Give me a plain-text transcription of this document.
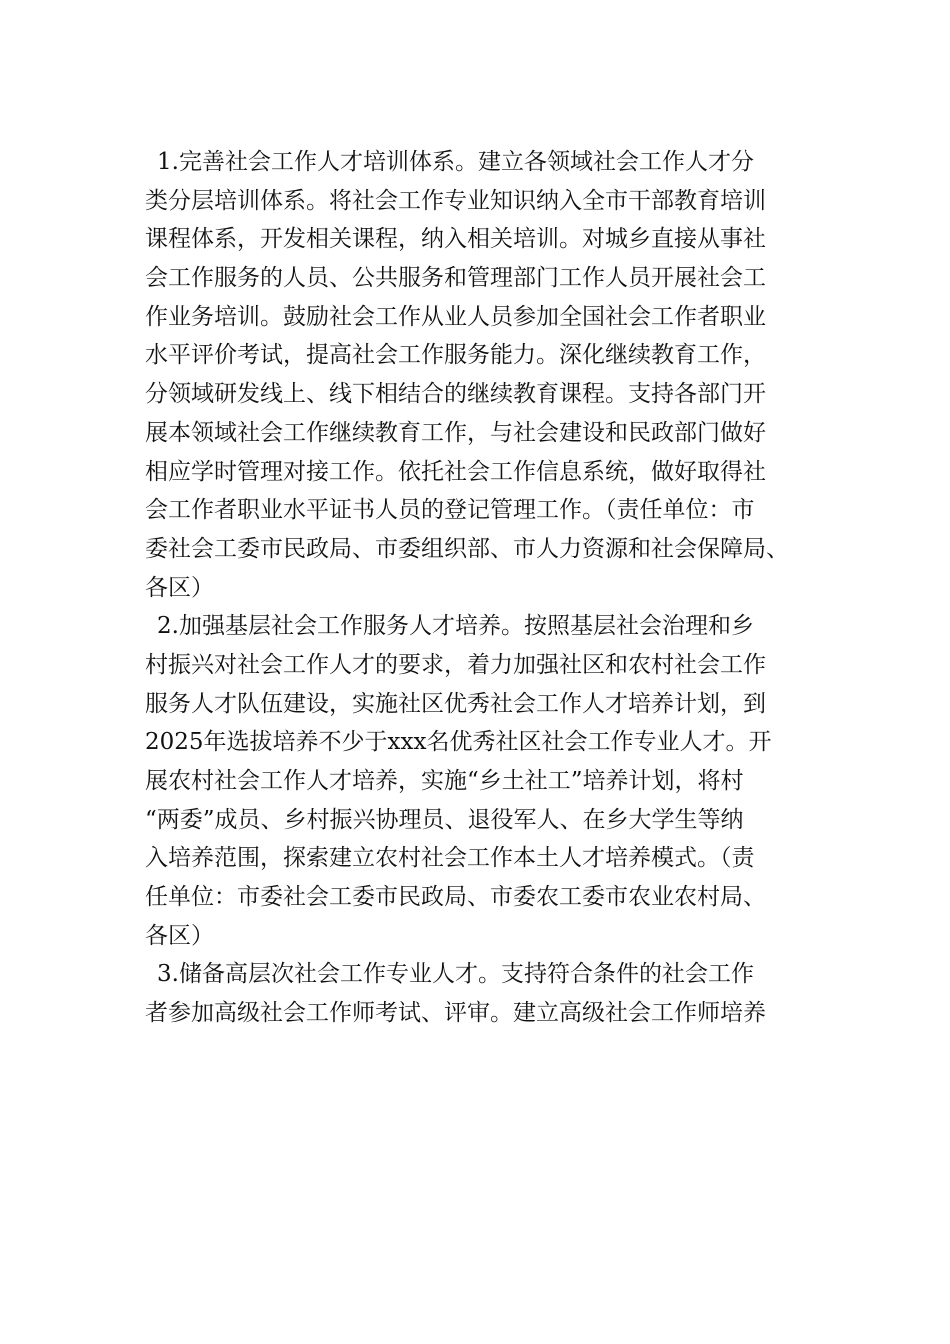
1.完善社会工作人才培训体系。建立各领域社会工作人才分
类分层培训体系。将社会工作专业知识纳入全市干部教育培训
课程体系，开发相关课程，纳入相关培训。对城乡直接从事社
会工作服务的人员、公共服务和管理部门工作人员开展社会工
作业务培训。鼓励社会工作从业人员参加全国社会工作者职业
水平评价考试，提高社会工作服务能力。深化继续教育工作，
分领域研发线上、线下相结合的继续教育课程。支持各部门开
展本领域社会工作继续教育工作，与社会建设和民政部门做好
相应学时管理对接工作。依托社会工作信息系统，做好取得社
会工作者职业水平证书人员的登记管理工作。（责任单位：市
委社会工委市民政局、市委组织部、市人力资源和社会保障局、
各区）
2.加强基层社会工作服务人才培养。按照基层社会治理和乡
村振兴对社会工作人才的要求，着力加强社区和农村社会工作
服务人才队伍建设，实施社区优秀社会工作人才培养计划，到
2025年选拔培养不少于xxx名优秀社区社会工作专业人才。开
展农村社会工作人才培养，实施“乡土社工”培养计划，将村
“两委”成员、乡村振兴协理员、退役军人、在乡大学生等纳
入培养范围，探索建立农村社会工作本土人才培养模式。（责
任单位：市委社会工委市民政局、市委农工委市农业农村局、
各区）
3.储备高层次社会工作专业人才。支持符合条件的社会工作
者参加高级社会工作师考试、评审。建立高级社会工作师培养
